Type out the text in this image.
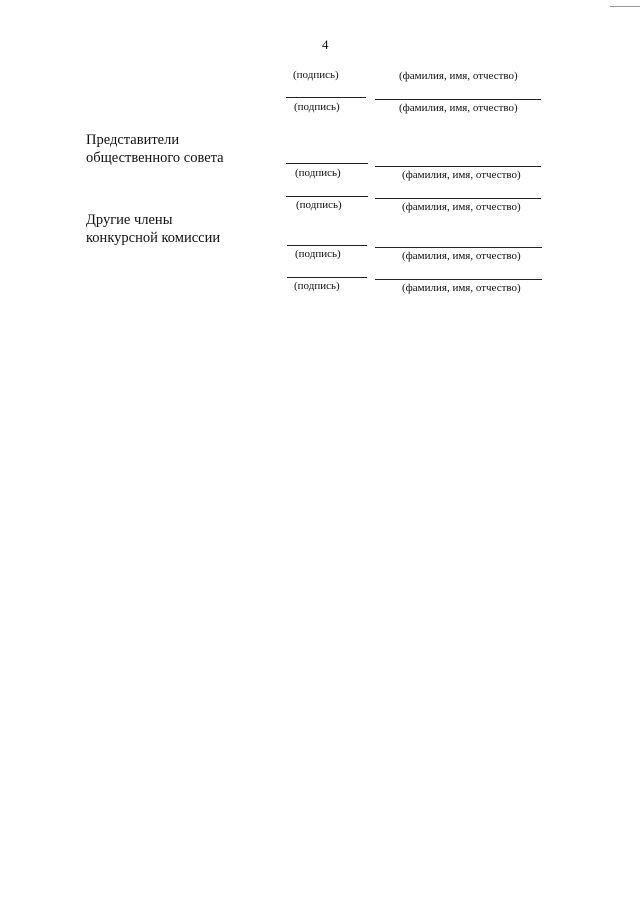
4
(подпись)	(фамилия, имя, отчество)
(подпись)	(фамилия, имя, отчество)
Представители
общественного совета
(подпись)	(фамилия, имя, отчество)
(подпись)	(фамилия, имя, отчество)
Другие члены
конкурсной комиссии
(подпись)	(фамилия, имя, отчество)
(подпись)	(фамилия, имя, отчество)
